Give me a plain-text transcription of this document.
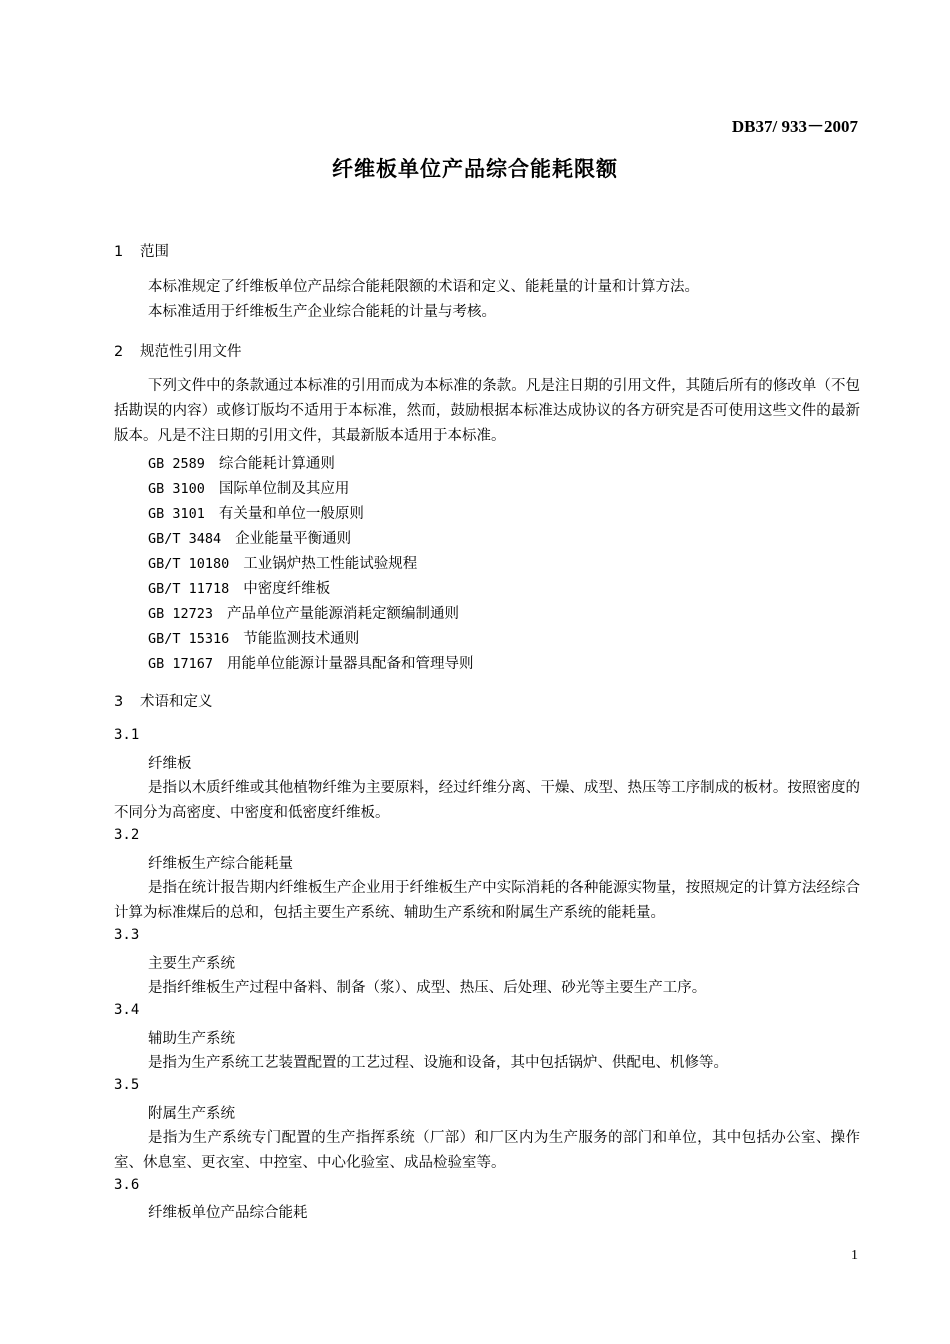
DB37/ 933－2007
纤维板单位产品综合能耗限额
1 范围
本标准规定了纤维板单位产品综合能耗限额的术语和定义、能耗量的计量和计算方法。
本标准适用于纤维板生产企业综合能耗的计量与考核。
2 规范性引用文件
下列文件中的条款通过本标准的引用而成为本标准的条款。凡是注日期的引用文件，其随后所有的修改单（不包括勘误的内容）或修订版均不适用于本标准，然而，鼓励根据本标准达成协议的各方研究是否可使用这些文件的最新版本。凡是不注日期的引用文件，其最新版本适用于本标准。
GB 2589 综合能耗计算通则
GB 3100 国际单位制及其应用
GB 3101 有关量和单位一般原则
GB/T 3484 企业能量平衡通则
GB/T 10180 工业锅炉热工性能试验规程
GB/T 11718 中密度纤维板
GB 12723 产品单位产量能源消耗定额编制通则
GB/T 15316 节能监测技术通则
GB 17167 用能单位能源计量器具配备和管理导则
3 术语和定义
3.1
纤维板
是指以木质纤维或其他植物纤维为主要原料，经过纤维分离、干燥、成型、热压等工序制成的板材。按照密度的不同分为高密度、中密度和低密度纤维板。
3.2
纤维板生产综合能耗量
是指在统计报告期内纤维板生产企业用于纤维板生产中实际消耗的各种能源实物量，按照规定的计算方法经综合计算为标准煤后的总和，包括主要生产系统、辅助生产系统和附属生产系统的能耗量。
3.3
主要生产系统
是指纤维板生产过程中备料、制备（浆）、成型、热压、后处理、砂光等主要生产工序。
3.4
辅助生产系统
是指为生产系统工艺装置配置的工艺过程、设施和设备，其中包括锅炉、供配电、机修等。
3.5
附属生产系统
是指为生产系统专门配置的生产指挥系统（厂部）和厂区内为生产服务的部门和单位，其中包括办公室、操作室、休息室、更衣室、中控室、中心化验室、成品检验室等。
3.6
纤维板单位产品综合能耗
1
